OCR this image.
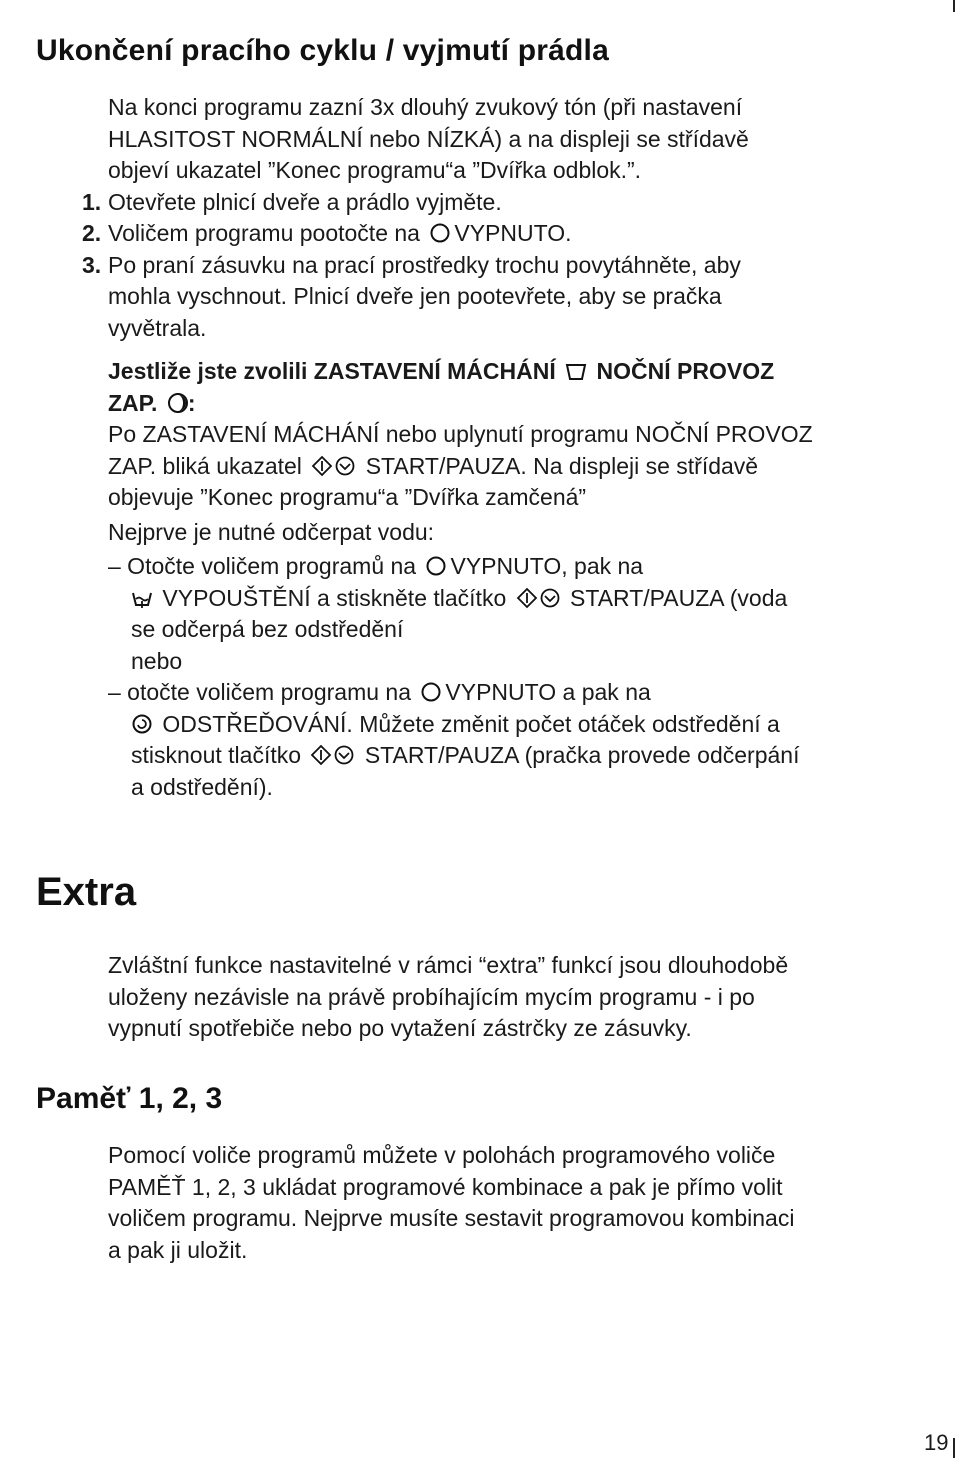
Ukončení pracího cyklu / vyjmutí prádla

Na konci programu zazní 3x dlouhý zvukový tón (při nastavení

HLASITOST NORMÁLNÍ nebo NÍZKÁ) a na displeji se střídavě

objeví ukazatel ”Konec programu“a ”Dvířka odblok.”.

1. Otevřete plnicí dveře a prádlo vyjměte.

2. Voličem programu pootočte na VYPNUTO.

3. Po praní zásuvku na prací prostředky trochu povytáhněte, aby

mohla vyschnout. Plnicí dveře jen pootevřete, aby se pračka

vyvětrala.

Jestliže jste zvolili ZASTAVENÍ MÁCHÁNÍ NOČNÍ PROVOZ

ZAP. :

Po ZASTAVENÍ MÁCHÁNÍ nebo uplynutí programu NOČNÍ PROVOZ

ZAP. bliká ukazatel	START/PAUZA. Na displeji se střídavě

objevuje ”Konec programu“a ”Dvířka zamčená”

Nejprve je nutné odčerpat vodu:

– Otočte voličem programů na VYPNUTO, pak na

VYPOUŠTĚNÍ a stiskněte tlačítko	START/PAUZA (voda

se odčerpá bez odstředění

nebo

– otočte voličem programu na VYPNUTO a pak na

ODSTŘEĎOVÁNÍ. Můžete změnit počet otáček odstředění a

stisknout tlačítko	START/PAUZA (pračka provede odčerpání

a odstředění).

Extra

Zvláštní funkce nastavitelné v rámci “extra” funkcí jsou dlouhodobě

uloženy nezávisle na právě probíhajícím mycím programu - i po

vypnutí spotřebiče nebo po vytažení zástrčky ze zásuvky.

Paměť 1, 2, 3

Pomocí voliče programů můžete v polohách programového voliče

PAMĚŤ 1, 2, 3 ukládat programové kombinace a pak je přímo volit

voličem programu. Nejprve musíte sestavit programovou kombinaci

a pak ji uložit.

19
